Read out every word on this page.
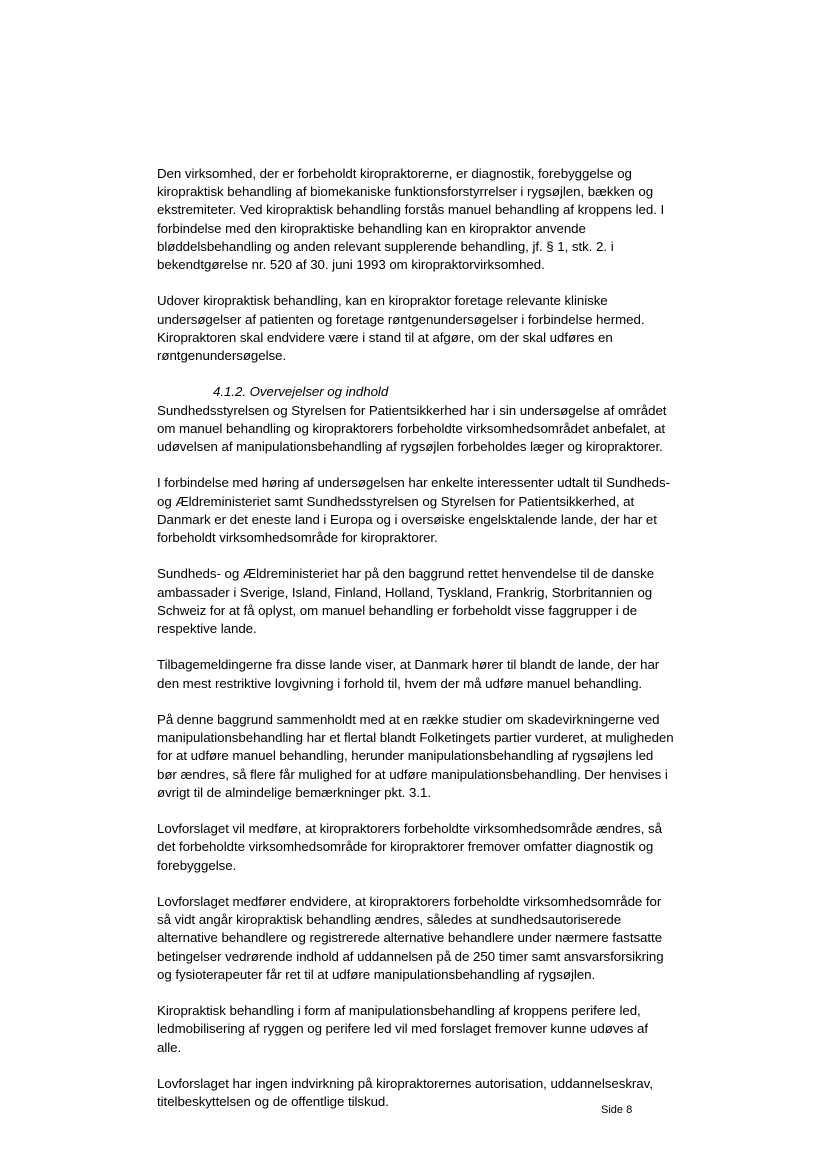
Den virksomhed, der er forbeholdt kiropraktorerne, er diagnostik, forebyggelse og kiropraktisk behandling af biomekaniske funktionsforstyrrelser i rygsøjlen, bækken og ekstremiteter. Ved kiropraktisk behandling forstås manuel behandling af kroppens led. I forbindelse med den kiropraktiske behandling kan en kiropraktor anvende bløddelsbehandling og anden relevant supplerende behandling, jf. § 1, stk. 2. i bekendtgørelse nr. 520 af 30. juni 1993 om kiropraktorvirksomhed.

Udover kiropraktisk behandling, kan en kiropraktor foretage relevante kliniske undersøgelser af patienten og foretage røntgenundersøgelser i forbindelse hermed. Kiropraktoren skal endvidere være i stand til at afgøre, om der skal udføres en røntgenundersøgelse.

4.1.2. Overvejelser og indhold

Sundhedsstyrelsen og Styrelsen for Patientsikkerhed har i sin undersøgelse af området om manuel behandling og kiropraktorers forbeholdte virksomhedsområdet anbefalet, at udøvelsen af manipulationsbehandling af rygsøjlen forbeholdes læger og kiropraktorer.

I forbindelse med høring af undersøgelsen har enkelte interessenter udtalt til Sundheds- og Ældreministeriet samt Sundhedsstyrelsen og Styrelsen for Patientsikkerhed, at Danmark er det eneste land i Europa og i oversøiske engelsktalende lande, der har et forbeholdt virksomhedsområde for kiropraktorer.

Sundheds- og Ældreministeriet har på den baggrund rettet henvendelse til de danske ambassader i Sverige, Island, Finland, Holland, Tyskland, Frankrig, Storbritannien og Schweiz for at få oplyst, om manuel behandling er forbeholdt visse faggrupper i de respektive lande.

Tilbagemeldingerne fra disse lande viser, at Danmark hører til blandt de lande, der har den mest restriktive lovgivning i forhold til, hvem der må udføre manuel behandling.

På denne baggrund sammenholdt med at en række studier om skadevirkningerne ved manipulationsbehandling har et flertal blandt Folketingets partier vurderet, at muligheden for at udføre manuel behandling, herunder manipulationsbehandling af rygsøjlens led bør ændres, så flere får mulighed for at udføre manipulationsbehandling. Der henvises i øvrigt til de almindelige bemærkninger pkt. 3.1.

Lovforslaget vil medføre, at kiropraktorers forbeholdte virksomhedsområde ændres, så det forbeholdte virksomhedsområde for kiropraktorer fremover omfatter diagnostik og forebyggelse.

Lovforslaget medfører endvidere, at kiropraktorers forbeholdte virksomhedsområde for så vidt angår kiropraktisk behandling ændres, således at sundhedsautoriserede alternative behandlere og registrerede alternative behandlere under nærmere fastsatte betingelser vedrørende indhold af uddannelsen på de 250 timer samt ansvarsforsikring og fysioterapeuter får ret til at udføre manipulationsbehandling af rygsøjlen.

Kiropraktisk behandling i form af manipulationsbehandling af kroppens perifere led, ledmobilisering af ryggen og perifere led vil med forslaget fremover kunne udøves af alle.

Lovforslaget har ingen indvirkning på kiropraktorernes autorisation, uddannelseskrav, titelbeskyttelsen og de offentlige tilskud.

Side 8
